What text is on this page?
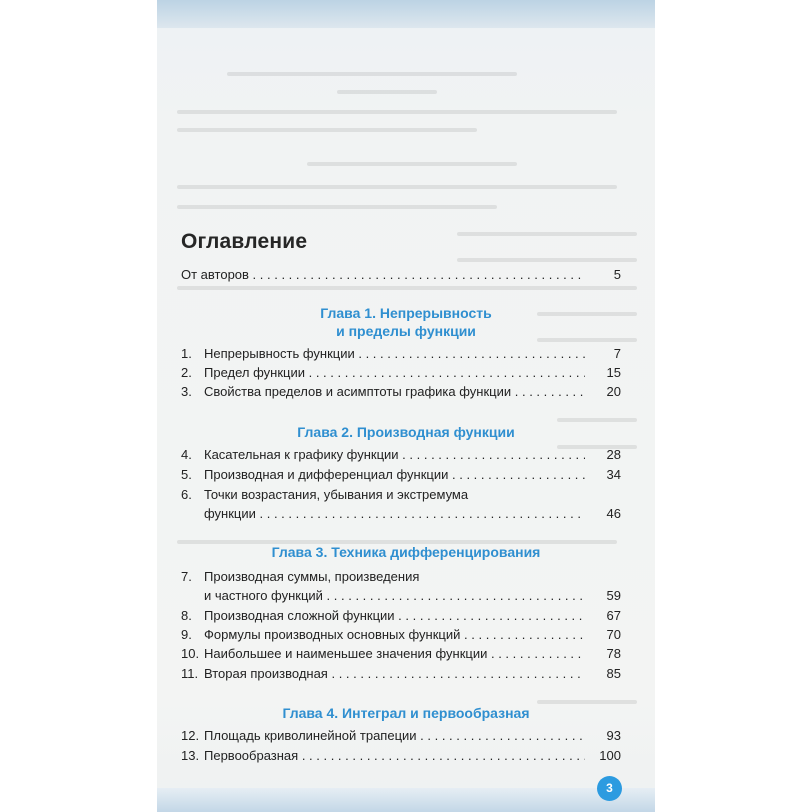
Оглавление
От авторов . . .	5
Глава 1. Непрерывность
и пределы функции
1. Непрерывность функции . . .	7
2. Предел функции . . .	15
3. Свойства пределов и асимптоты графика функции . . .	20
Глава 2. Производная функции
4. Касательная к графику функции . . .	28
5. Производная и дифференциал функции . . .	34
6. Точки возрастания, убывания и экстремума
функции . . .	46
Глава 3. Техника дифференцирования
7. Производная суммы, произведения
и частного функций . . .	59
8. Производная сложной функции . . .	67
9. Формулы производных основных функций . . .	70
10. Наибольшее и наименьшее значения функции . . .	78
11. Вторая производная . . .	85
Глава 4. Интеграл и первообразная
12. Площадь криволинейной трапеции . . .	93
13. Первообразная . . .	100
3
